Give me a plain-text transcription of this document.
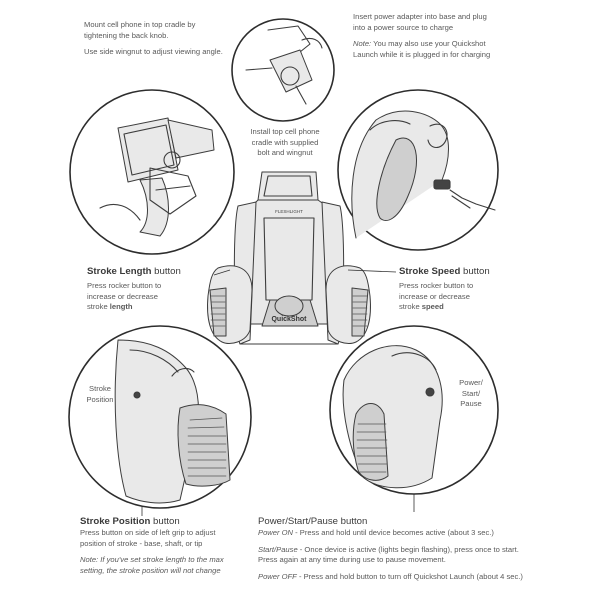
FLESHLIGHT
QuickShot
Mount cell phone in top cradle by
tightening the back knob.
Use side wingnut to adjust viewing angle.
Insert power adapter into base and plug
into a power source to charge
Note: You may also use your Quickshot
Launch while it is plugged in for charging
Install top cell phone
cradle with supplied
bolt and wingnut
Stroke Length button
Press rocker button to
increase or decrease
stroke length
Stroke Speed button
Press rocker button to
increase or decrease
stroke speed
Stroke
Position
Power/
Start/
Pause
Stroke Position button
Press button on side of left grip to adjust
position of stroke - base, shaft, or tip
Note: If you've set stroke length to the max
setting, the stroke position will not change
Power/Start/Pause button
Power ON - Press and hold until device becomes active (about 3 sec.)
Start/Pause - Once device is active (lights begin flashing), press once to start.
Press again at any time during use to pause movement.
Power OFF - Press and hold button to turn off Quickshot Launch (about 4 sec.)
